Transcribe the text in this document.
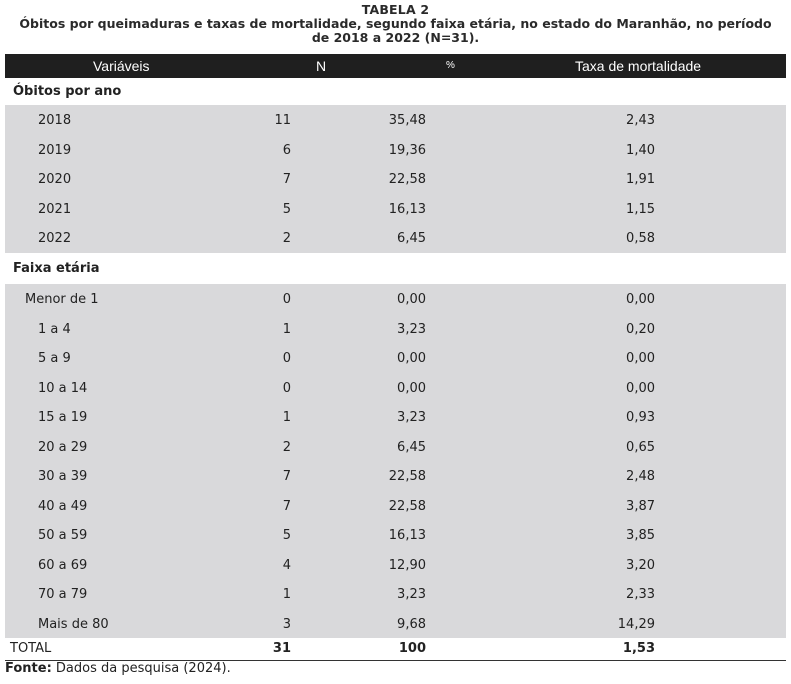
TABELA 2
Óbitos por queimaduras e taxas de mortalidade, segundo faixa etária, no estado do Maranhão, no período de 2018 a 2022 (N=31).
Variáveis	N	%	Taxa de mortalidade
Óbitos por ano
2018	11	35,48	2,43
2019	6	19,36	1,40
2020	7	22,58	1,91
2021	5	16,13	1,15
2022	2	6,45	0,58
Faixa etária
Menor de 1	0	0,00	0,00
1 a 4	1	3,23	0,20
5 a 9	0	0,00	0,00
10 a 14	0	0,00	0,00
15 a 19	1	3,23	0,93
20 a 29	2	6,45	0,65
30 a 39	7	22,58	2,48
40 a 49	7	22,58	3,87
50 a 59	5	16,13	3,85
60 a 69	4	12,90	3,20
70 a 79	1	3,23	2,33
Mais de 80	3	9,68	14,29
TOTAL	31	100	1,53
Fonte: Dados da pesquisa (2024).
